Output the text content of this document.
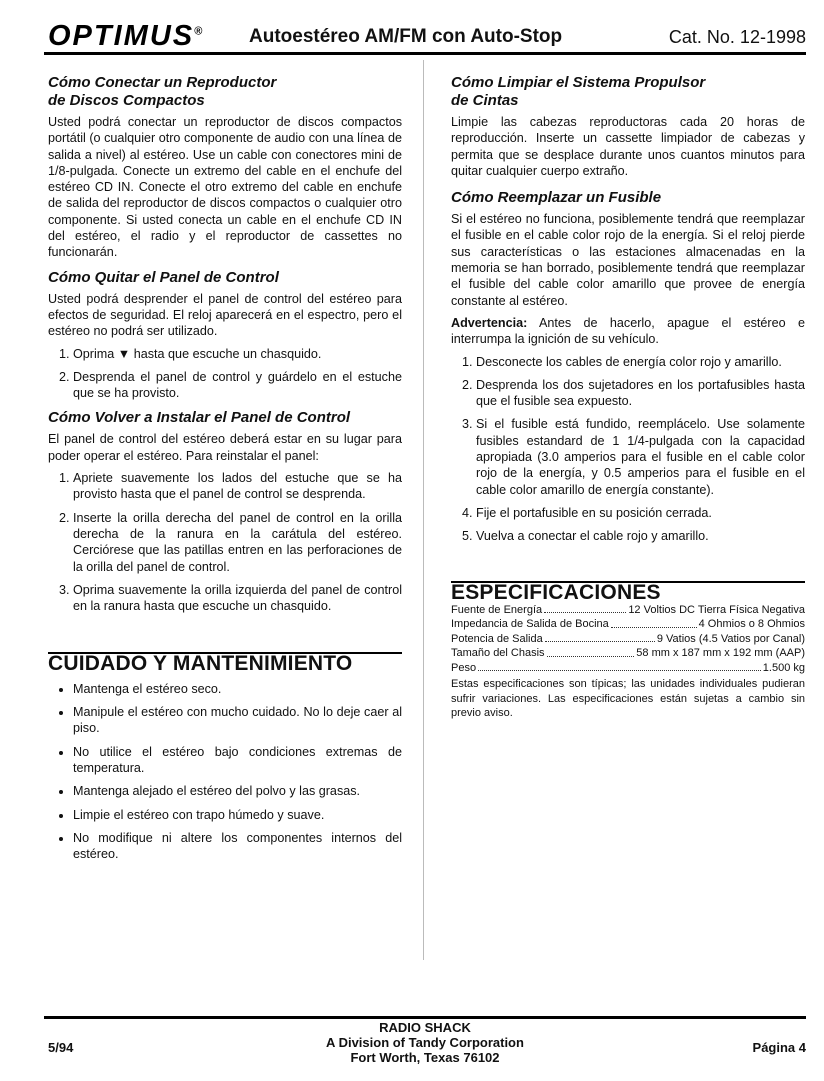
OPTIMUS® Autoestéreo AM/FM con Auto-Stop	Cat. No. 12-1998
Cómo Conectar un Reproductor
de Discos Compactos

Usted podrá conectar un reproductor de discos compactos portátil (o cualquier otro componente de audio con una línea de salida a nivel) al estéreo. Use un cable con conectores mini de 1/8-pulgada. Conecte un extremo del cable en el enchufe del estéreo CD IN. Conecte el otro extremo del cable en enchufe de salida del reproductor de discos compactos o cualquier otro componente. Si usted conecta un cable en el enchufe CD IN del estéreo, el radio y el reproductor de cassettes no funcionarán.

Cómo Quitar el Panel de Control

Usted podrá desprender el panel de control del estéreo para efectos de seguridad. El reloj aparecerá en el espectro, pero el estéreo no podrá ser utilizado.

1. Oprima ▼ hasta que escuche un chasquido.
2. Desprenda el panel de control y guárdelo en el estuche que se ha provisto.
Cómo Volver a Instalar el Panel de Control

El panel de control del estéreo deberá estar en su lugar para poder operar el estéreo. Para reinstalar el panel:

1. Apriete suavemente los lados del estuche que se ha provisto hasta que el panel de control se desprenda.
2. Inserte la orilla derecha del panel de control en la orilla derecha de la ranura en la carátula del estéreo. Cerciórese que las patillas entren en las perforaciones de la orilla del panel de control.
3. Oprima suavemente la orilla izquierda del panel de control en la ranura hasta que escuche un chasquido.
CUIDADO Y MANTENIMIENTO
• Mantenga el estéreo seco.
• Manipule el estéreo con mucho cuidado. No lo deje caer al piso.
• No utilice el estéreo bajo condiciones extremas de temperatura.
• Mantenga alejado el estéreo del polvo y las grasas.
• Limpie el estéreo con trapo húmedo y suave.
• No modifique ni altere los componentes internos del estéreo.
Cómo Limpiar el Sistema Propulsor
de Cintas

Limpie las cabezas reproductoras cada 20 horas de reproducción. Inserte un cassette limpiador de cabezas y permita que se desplace durante unos cuantos minutos para quitar cualquier cuerpo extraño.

Cómo Reemplazar un Fusible

Si el estéreo no funciona, posiblemente tendrá que reemplazar el fusible en el cable color rojo de la energía. Si el reloj pierde sus características o las estaciones almacenadas en la memoria se han borrado, posiblemente tendrá que reemplazar el fusible del cable color amarillo que provee de energía constante al estéreo.

Advertencia: Antes de hacerlo, apague el estéreo e interrumpa la ignición de su vehículo.

1. Desconecte los cables de energía color rojo y amarillo.
2. Desprenda los dos sujetadores en los portafusibles hasta que el fusible sea expuesto.
3. Si el fusible está fundido, reemplácelo. Use solamente fusibles estandard de 1 1/4-pulgada con la capacidad apropiada (3.0 amperios para el fusible en el cable color rojo de la energía, y 0.5 amperios para el fusible en el cable color amarillo de energía constante).
4. Fije el portafusible en su posición cerrada.
5. Vuelva a conectar el cable rojo y amarillo.
ESPECIFICACIONES
Fuente de Energía	12 Voltios DC Tierra Física Negativa
Impedancia de Salida de Bocina	4 Ohmios o 8 Ohmios
Potencia de Salida	9 Vatios (4.5 Vatios por Canal)
Tamaño del Chasis	58 mm x 187 mm x 192 mm (AAP)
Peso	1.500 kg

Estas especificaciones son típicas; las unidades individuales pudieran sufrir variaciones. Las especificaciones están sujetas a cambio sin previo aviso.

5/94
RADIO SHACK
A Division of Tandy Corporation
Fort Worth, Texas 76102
Página 4
